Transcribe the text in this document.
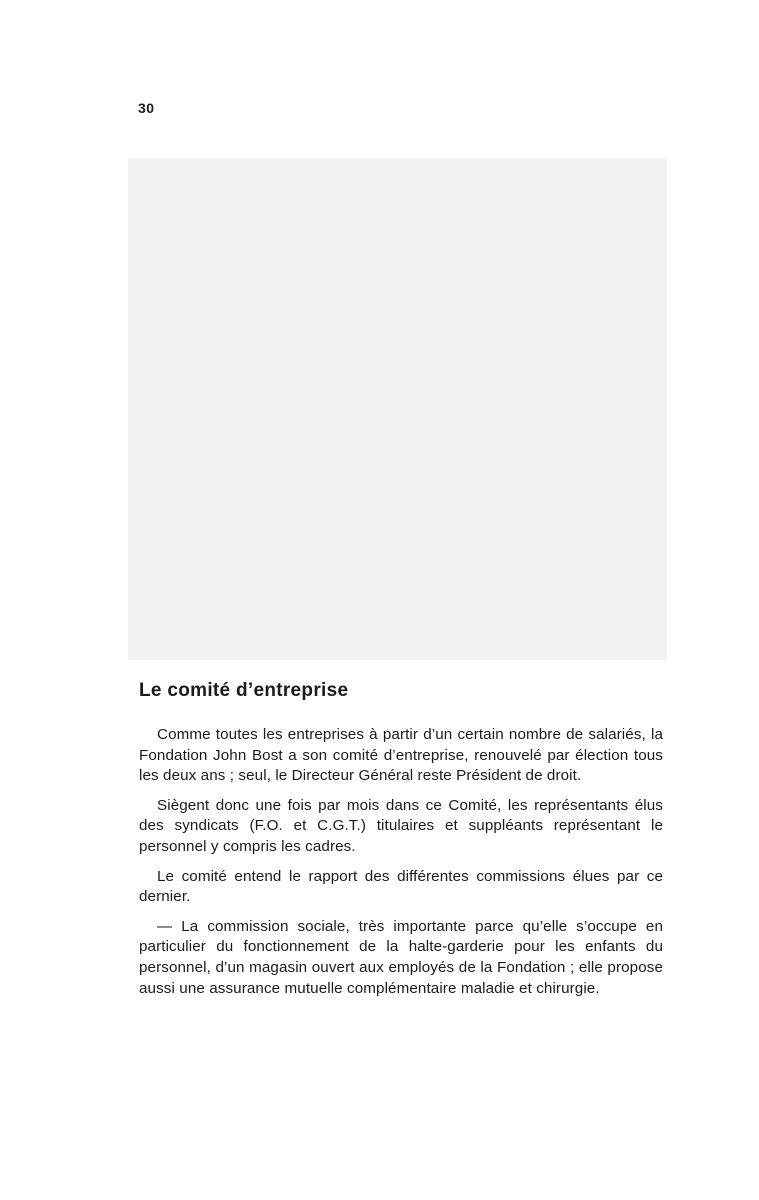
30
Le comité d’entreprise

Comme toutes les entreprises à partir d’un certain nombre de salariés, la Fondation John Bost a son comité d’entreprise, renouvelé par élection tous les deux ans ; seul, le Directeur Général reste Président de droit.

Siègent donc une fois par mois dans ce Comité, les représentants élus des syndicats (F.O. et C.G.T.) titulaires et suppléants représentant le personnel y compris les cadres.

Le comité entend le rapport des différentes commissions élues par ce dernier.

— La commission sociale, très importante parce qu’elle s’occupe en particulier du fonctionnement de la halte-garderie pour les enfants du personnel, d’un magasin ouvert aux employés de la Fondation ; elle propose aussi une assurance mutuelle complémentaire maladie et chirurgie.
